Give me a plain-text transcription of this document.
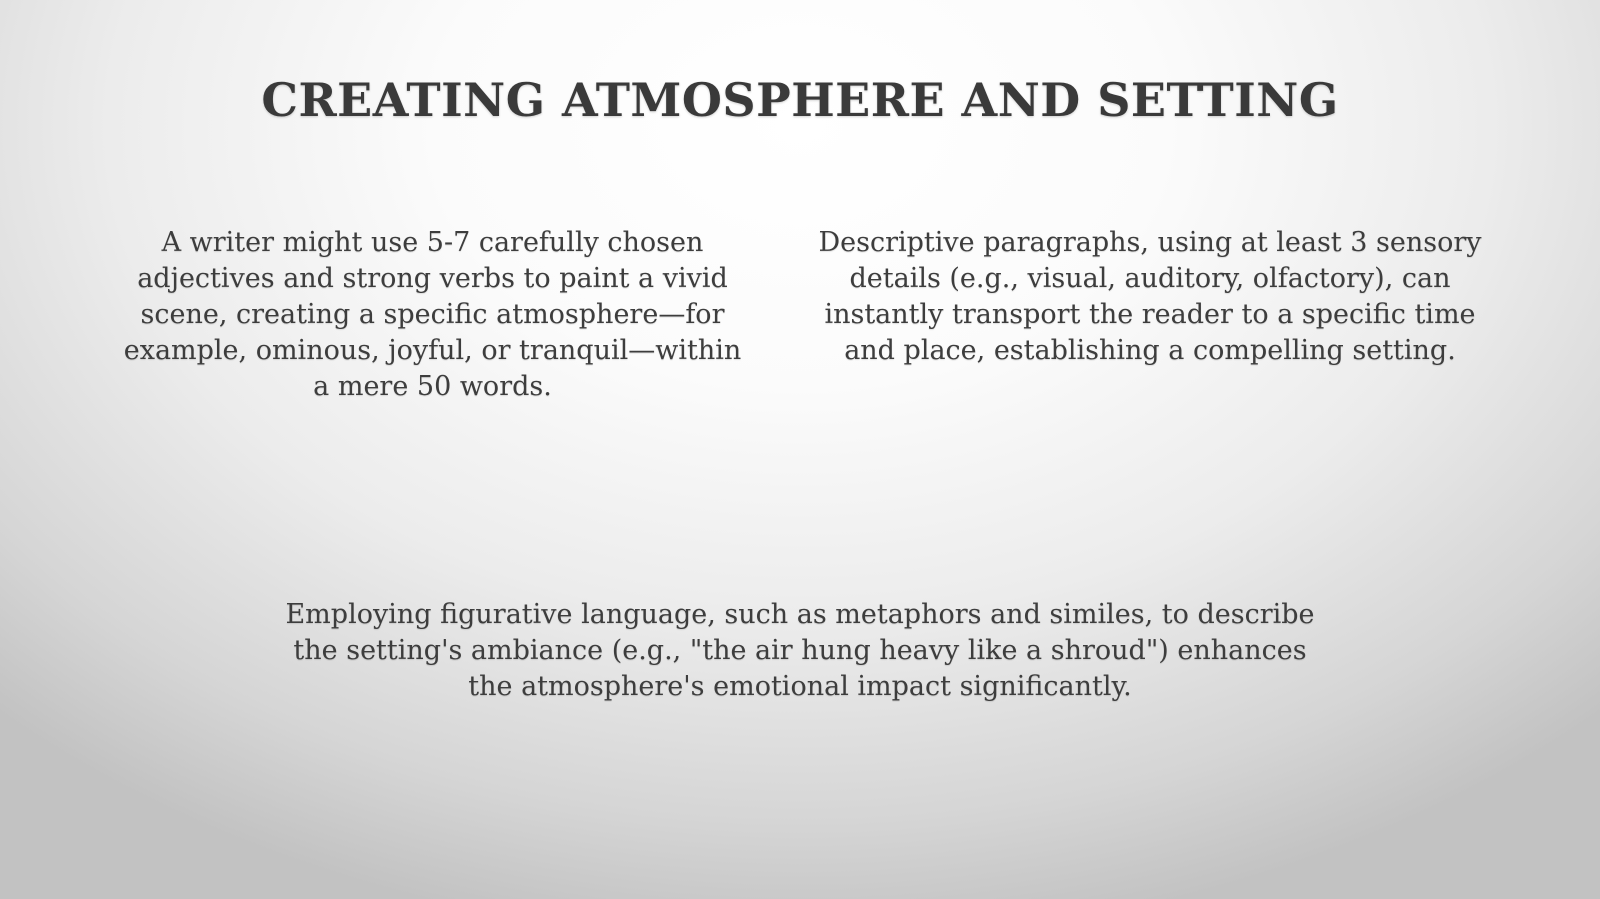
CREATING ATMOSPHERE AND SETTING

A writer might use 5-7 carefully chosen adjectives and strong verbs to paint a vivid scene, creating a specific atmosphere—for example, ominous, joyful, or tranquil—within a mere 50 words.

Descriptive paragraphs, using at least 3 sensory details (e.g., visual, auditory, olfactory), can instantly transport the reader to a specific time and place, establishing a compelling setting.

Employing figurative language, such as metaphors and similes, to describe the setting's ambiance (e.g., "the air hung heavy like a shroud") enhances the atmosphere's emotional impact significantly.
